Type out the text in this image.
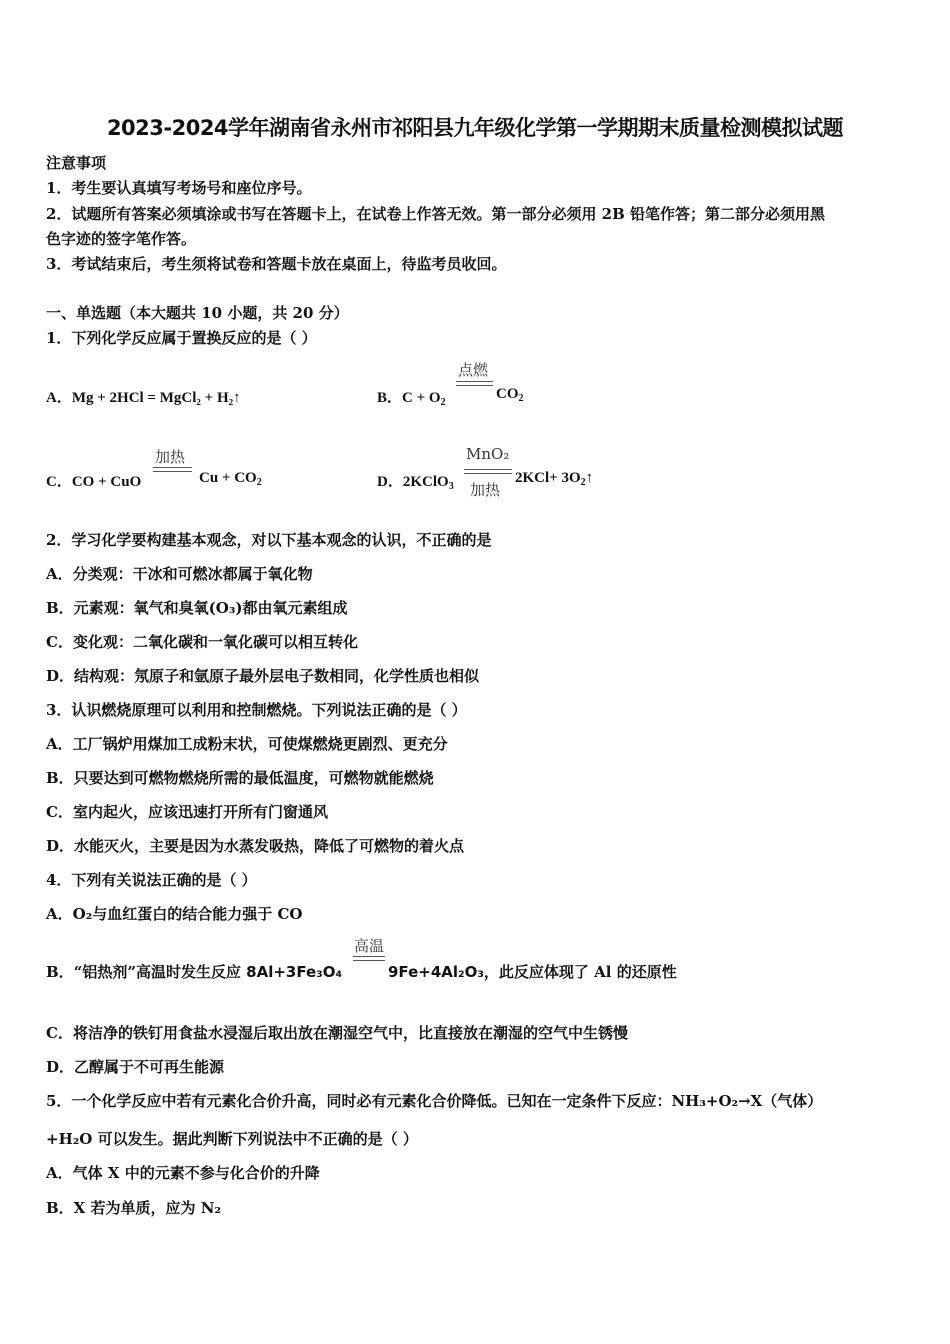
2023-2024学年湖南省永州市祁阳县九年级化学第一学期期末质量检测模拟试题
注意事项
1．考生要认真填写考场号和座位序号。
2．试题所有答案必须填涂或书写在答题卡上，在试卷上作答无效。第一部分必须用 2B 铅笔作答；第二部分必须用黑
色字迹的签字笔作答。
3．考试结束后，考生须将试卷和答题卡放在桌面上，待监考员收回。
一、单选题（本大题共 10 小题，共 20 分）
1．下列化学反应属于置换反应的是（ ）
A．Mg + 2HCl = MgCl₂ + H₂↑	B．$C + O_2$
点燃
$CO_2$
C．CO + CuO
加热
$Cu + CO_2$	D．2KClO$_3$
MnO₂
加热
$2KCl+ 3O_2↑$
2．学习化学要构建基本观念，对以下基本观念的认识，不正确的是
A．分类观：干冰和可燃冰都属于氧化物
B．元素观：氧气和臭氧(O₃)都由氧元素组成
C．变化观：二氧化碳和一氧化碳可以相互转化
D．结构观：氖原子和氩原子最外层电子数相同，化学性质也相似
3．认识燃烧原理可以利用和控制燃烧。下列说法正确的是（ ）
A．工厂锅炉用煤加工成粉末状，可使煤燃烧更剧烈、更充分
B．只要达到可燃物燃烧所需的最低温度，可燃物就能燃烧
C．室内起火，应该迅速打开所有门窗通风
D．水能灭火，主要是因为水蒸发吸热，降低了可燃物的着火点
4．下列有关说法正确的是（ ）
A．O₂与血红蛋白的结合能力强于 CO
B．“铝热剂”高温时发生反应 8Al+3Fe₃O₄
高温
9Fe+4Al₂O₃，此反应体现了 Al 的还原性
C．将洁净的铁钉用食盐水浸湿后取出放在潮湿空气中，比直接放在潮湿的空气中生锈慢
D．乙醇属于不可再生能源
5．一个化学反应中若有元素化合价升高，同时必有元素化合价降低。已知在一定条件下反应：NH₃+O₂→X（气体）
+H₂O 可以发生。据此判断下列说法中不正确的是（ ）
A．气体 X 中的元素不参与化合价的升降
B．X 若为单质，应为 N₂
